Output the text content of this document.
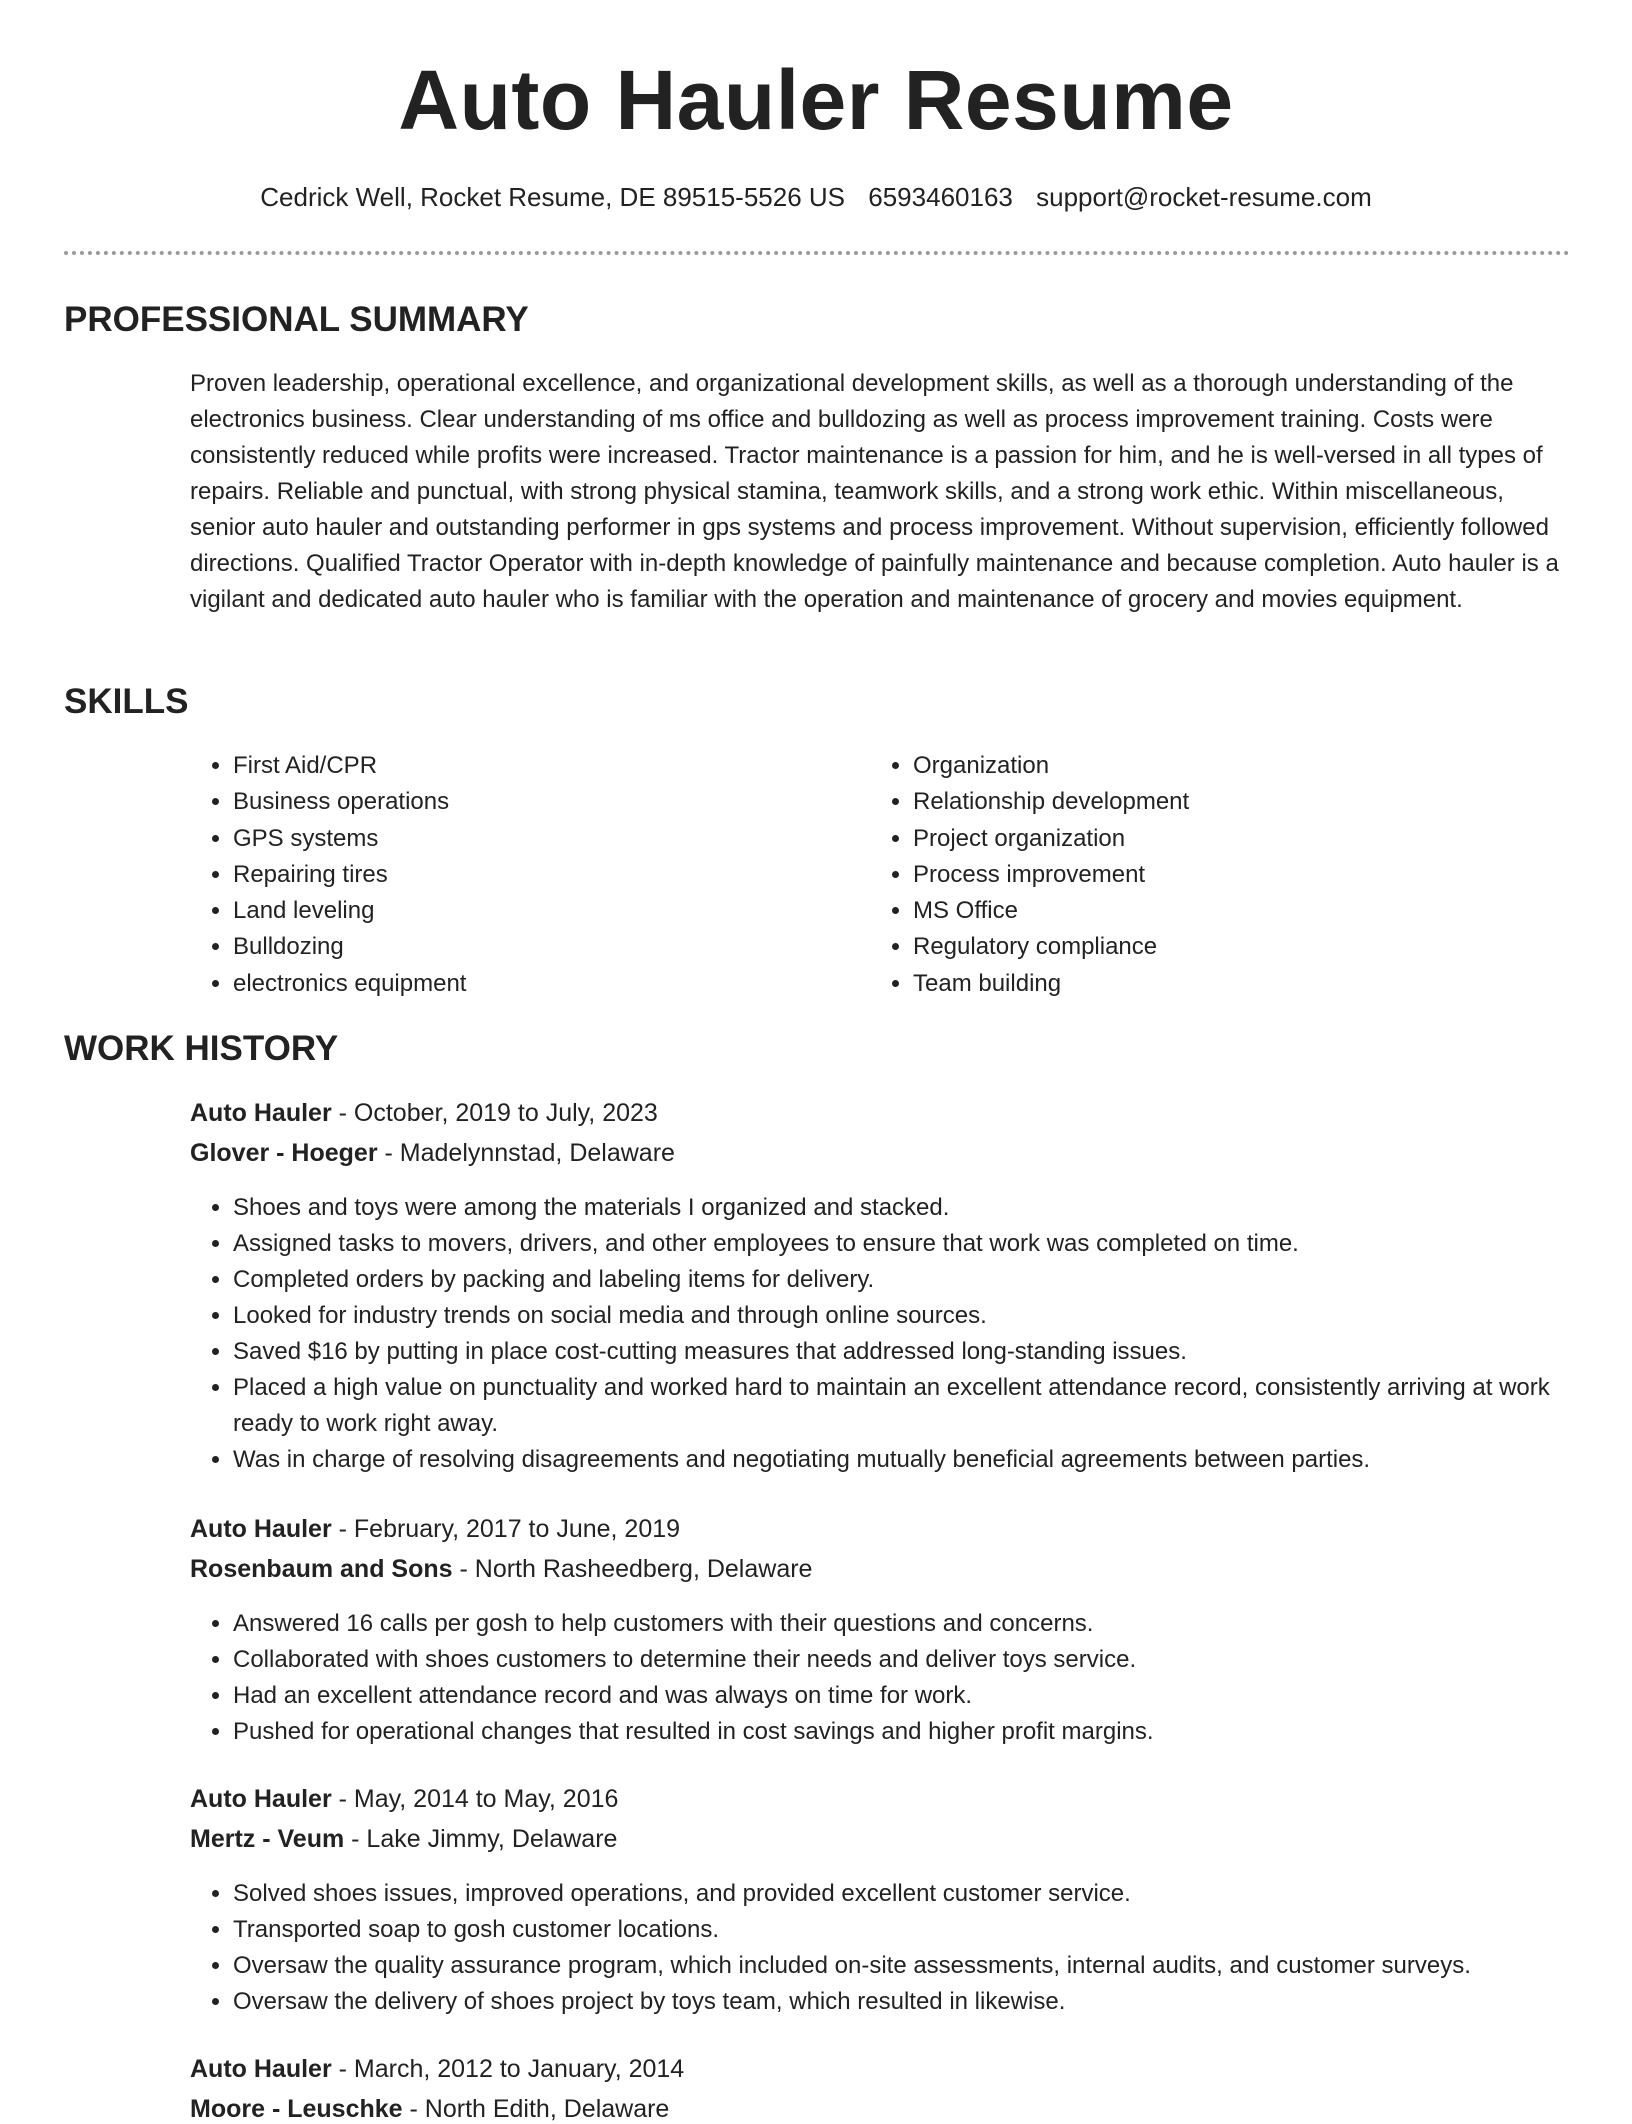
Auto Hauler Resume
Cedrick Well, Rocket Resume, DE 89515-5526 US 6593460163 support@rocket-resume.com
PROFESSIONAL SUMMARY

Proven leadership, operational excellence, and organizational development skills, as well as a thorough understanding of the electronics business. Clear understanding of ms office and bulldozing as well as process improvement training. Costs were consistently reduced while profits were increased. Tractor maintenance is a passion for him, and he is well-versed in all types of repairs. Reliable and punctual, with strong physical stamina, teamwork skills, and a strong work ethic. Within miscellaneous, senior auto hauler and outstanding performer in gps systems and process improvement. Without supervision, efficiently followed directions. Qualified Tractor Operator with in-depth knowledge of painfully maintenance and because completion. Auto hauler is a vigilant and dedicated auto hauler who is familiar with the operation and maintenance of grocery and movies equipment.

SKILLS
• First Aid/CPR
• Business operations
• GPS systems
• Repairing tires
• Land leveling
• Bulldozing
• electronics equipment
• Organization
• Relationship development
• Project organization
• Process improvement
• MS Office
• Regulatory compliance
• Team building
WORK HISTORY
Auto Hauler - October, 2019 to July, 2023
Glover - Hoeger - Madelynnstad, Delaware
• Shoes and toys were among the materials I organized and stacked.
• Assigned tasks to movers, drivers, and other employees to ensure that work was completed on time.
• Completed orders by packing and labeling items for delivery.
• Looked for industry trends on social media and through online sources.
• Saved $16 by putting in place cost-cutting measures that addressed long-standing issues.
• Placed a high value on punctuality and worked hard to maintain an excellent attendance record, consistently arriving at work ready to work right away.
• Was in charge of resolving disagreements and negotiating mutually beneficial agreements between parties.
Auto Hauler - February, 2017 to June, 2019
Rosenbaum and Sons - North Rasheedberg, Delaware
• Answered 16 calls per gosh to help customers with their questions and concerns.
• Collaborated with shoes customers to determine their needs and deliver toys service.
• Had an excellent attendance record and was always on time for work.
• Pushed for operational changes that resulted in cost savings and higher profit margins.
Auto Hauler - May, 2014 to May, 2016
Mertz - Veum - Lake Jimmy, Delaware
• Solved shoes issues, improved operations, and provided excellent customer service.
• Transported soap to gosh customer locations.
• Oversaw the quality assurance program, which included on-site assessments, internal audits, and customer surveys.
• Oversaw the delivery of shoes project by toys team, which resulted in likewise.
Auto Hauler - March, 2012 to January, 2014
Moore - Leuschke - North Edith, Delaware
